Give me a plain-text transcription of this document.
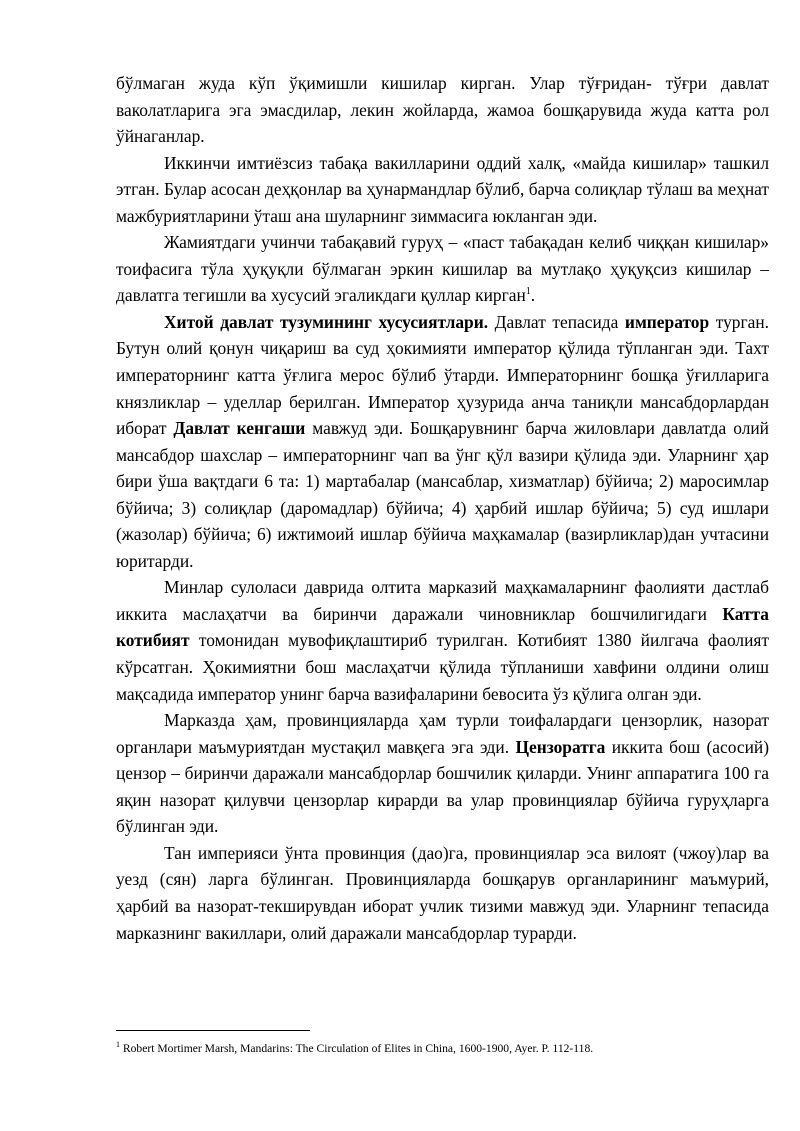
бўлмаган жуда кўп ўқимишли кишилар кирган. Улар тўғридан- тўғри давлат ваколатларига эга эмасдилар, лекин жойларда, жамоа бошқарувида жуда катта рол ўйнаганлар.

Иккинчи имтиёзсиз табақа вакилларини оддий халқ, «майда кишилар» ташкил этган. Булар асосан деҳқонлар ва ҳунармандлар бўлиб, барча солиқлар тўлаш ва меҳнат мажбуриятларини ўташ ана шуларнинг зиммасига юкланган эди.

Жамиятдаги учинчи табақавий гуруҳ – «паст табақадан келиб чиққан кишилар» тоифасига тўла ҳуқуқли бўлмаган эркин кишилар ва мутлақо ҳуқуқсиз кишилар – давлатга тегишли ва хусусий эгаликдаги қуллар кирган$^1$.

Хитой давлат тузумининг хусусиятлари. Давлат тепасида император турган. Бутун олий қонун чиқариш ва суд ҳокимияти император қўлида тўпланган эди. Тахт императорнинг катта ўғлига мерос бўлиб ўтарди. Императорнинг бошқа ўғилларига князликлар – уделлар берилган. Император ҳузурида анча таниқли мансабдорлардан иборат Давлат кенгаши мавжуд эди. Бошқарувнинг барча жиловлари давлатда олий мансабдор шахслар – императорнинг чап ва ўнг қўл вазири қўлида эди. Уларнинг ҳар бири ўша вақтдаги 6 та: 1) мартабалар (мансаблар, хизматлар) бўйича; 2) маросимлар бўйича; 3) солиқлар (даромадлар) бўйича; 4) ҳарбий ишлар бўйича; 5) суд ишлари (жазолар) бўйича; 6) ижтимоий ишлар бўйича маҳкамалар (вазирликлар)дан учтасини юритарди.

Минлар сулоласи даврида олтита марказий маҳкамаларнинг фаолияти дастлаб иккита маслаҳатчи ва биринчи даражали чиновниклар бошчилигидаги Катта котибият томонидан мувофиқлаштириб турилган. Котибият 1380 йилгача фаолият кўрсатган. Ҳокимиятни бош маслаҳатчи қўлида тўпланиши хавфини олдини олиш мақсадида император унинг барча вазифаларини бевосита ўз қўлига олган эди.

Марказда ҳам, провинцияларда ҳам турли тоифалардаги цензорлик, назорат органлари маъмуриятдан мустақил мавқега эга эди. Цензоратга иккита бош (асосий) цензор – биринчи даражали мансабдорлар бошчилик қиларди. Унинг аппаратига 100 га яқин назорат қилувчи цензорлар кирарди ва улар провинциялар бўйича гуруҳларга бўлинган эди.

Тан империяси ўнта провинция (дао)га, провинциялар эса вилоят (чжоу)лар ва уезд (сян) ларга бўлинган. Провинцияларда бошқарув органларининг маъмурий, ҳарбий ва назорат-текширувдан иборат учлик тизими мавжуд эди. Уларнинг тепасида марказнинг вакиллари, олий даражали мансабдорлар турарди.

$^1$ Robert Mortimer Marsh, Mandarins: The Circulation of Elites in China, 1600-1900, Ayer. P. 112-118.
